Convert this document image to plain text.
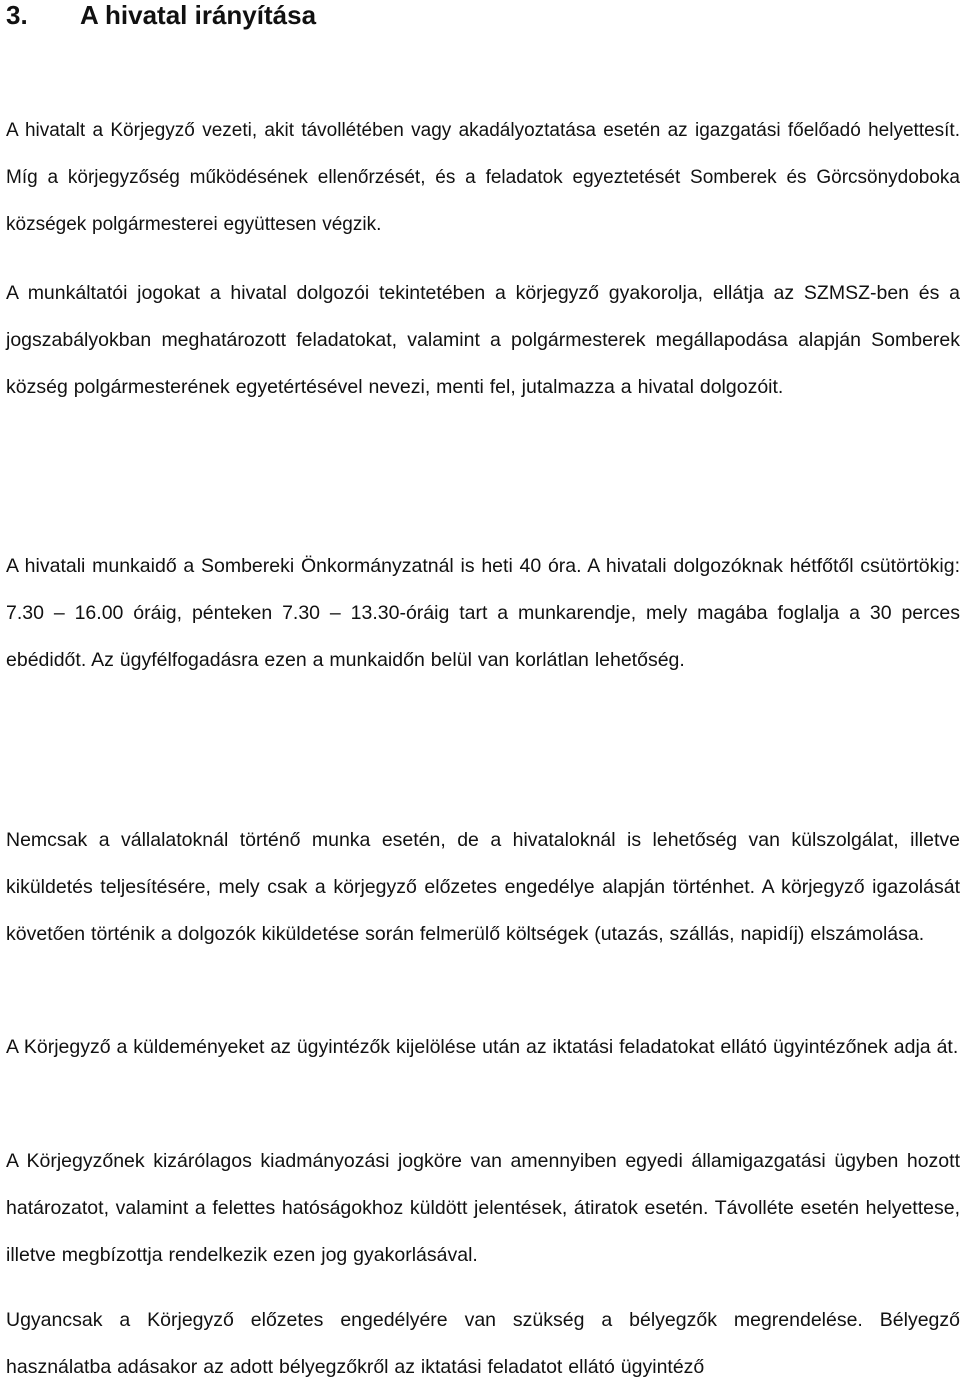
3. A hivatal irányítása

A hivatalt a Körjegyző vezeti, akit távollétében vagy akadályoztatása esetén az igazgatási főelőadó helyettesít. Míg a körjegyzőség működésének ellenőrzését, és a feladatok egyeztetését Somberek és Görcsönydoboka községek polgármesterei együttesen végzik.

A munkáltatói jogokat a hivatal dolgozói tekintetében a körjegyző gyakorolja, ellátja az SZMSZ-ben és a jogszabályokban meghatározott feladatokat, valamint a polgármesterek megállapodása alapján Somberek község polgármesterének egyetértésével nevezi, menti fel, jutalmazza a hivatal dolgozóit.

A hivatali munkaidő a Sombereki Önkormányzatnál is heti 40 óra. A hivatali dolgozóknak hétfőtől csütörtökig: 7.30 – 16.00 óráig, pénteken 7.30 – 13.30-óráig tart a munkarendje, mely magába foglalja a 30 perces ebédidőt. Az ügyfélfogadásra ezen a munkaidőn belül van korlátlan lehetőség.

Nemcsak a vállalatoknál történő munka esetén, de a hivataloknál is lehetőség van külszolgálat, illetve kiküldetés teljesítésére, mely csak a körjegyző előzetes engedélye alapján történhet. A körjegyző igazolását követően történik a dolgozók kiküldetése során felmerülő költségek (utazás, szállás, napidíj) elszámolása.

A Körjegyző a küldeményeket az ügyintézők kijelölése után az iktatási feladatokat ellátó ügyintézőnek adja át.

A Körjegyzőnek kizárólagos kiadmányozási jogköre van amennyiben egyedi államigazgatási ügyben hozott határozatot, valamint a felettes hatóságokhoz küldött jelentések, átiratok esetén. Távolléte esetén helyettese, illetve megbízottja rendelkezik ezen jog gyakorlásával.

Ugyancsak a Körjegyző előzetes engedélyére van szükség a bélyegzők megrendelése. Bélyegző használatba adásakor az adott bélyegzőkről az iktatási feladatot ellátó ügyintéző
